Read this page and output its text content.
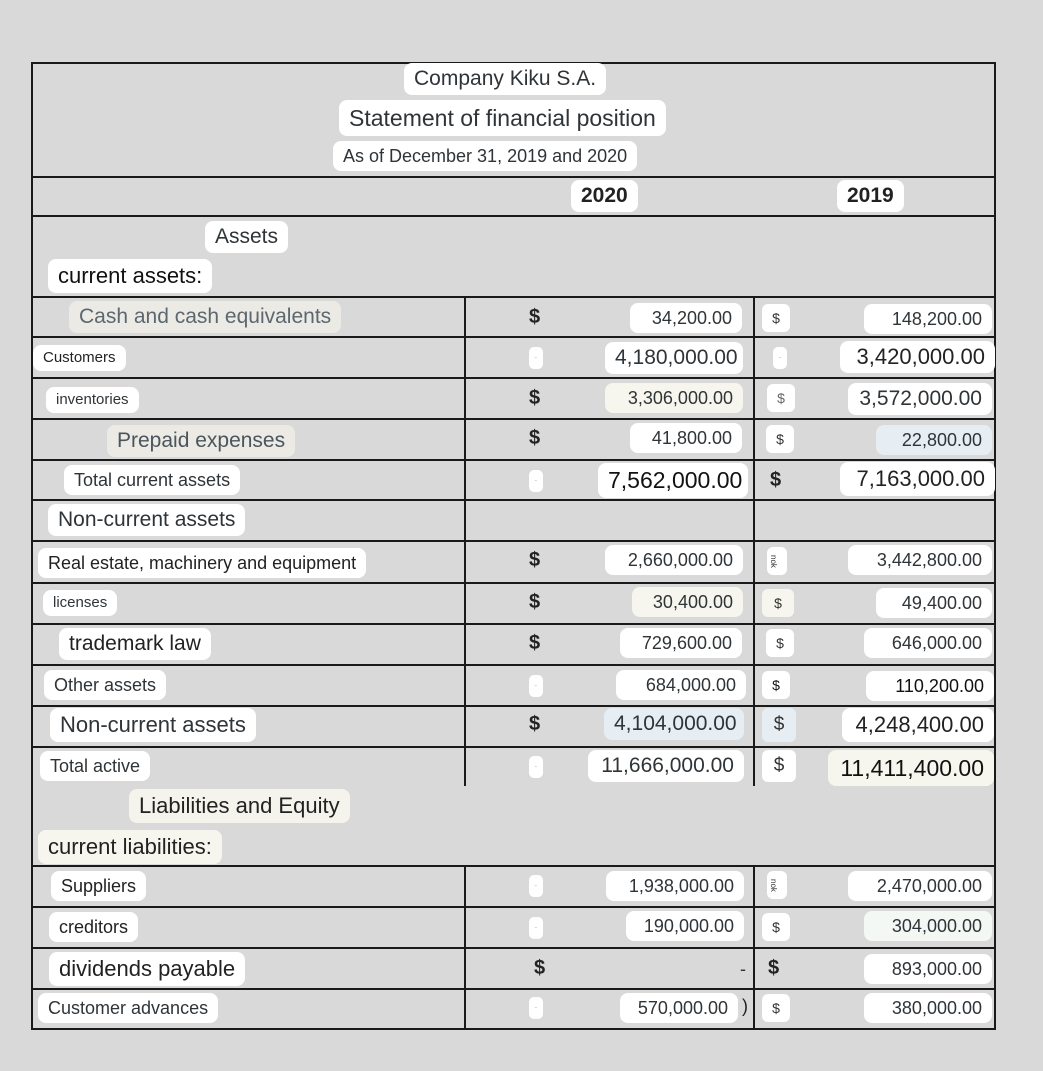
Company Kiku S.A.
Statement of financial position
As of December 31, 2019 and 2020
2020	2019
Assets
current assets:
Cash and cash equivalents	$	34,200.00	$	148,200.00
Customers	·	4,180,000.00	·	3,420,000.00
inventories	$	3,306,000.00	$	3,572,000.00
Prepaid expenses	$	41,800.00	$	22,800.00
Total current assets	·	7,562,000.00 $	7,163,000.00
Non-current assets
Real estate, machinery and equipment	$	2,660,000.00	nok	3,442,800.00
licenses	$	30,400.00	$	49,400.00
trademark law	$	729,600.00	$	646,000.00
Other assets	·	684,000.00	$	110,200.00
Non-current assets	$	4,104,000.00	$	4,248,400.00
Total active	·	11,666,000.00	$	11,411,400.00
Liabilities and Equity
current liabilities:
Suppliers	·	1,938,000.00	nok	2,470,000.00
creditors	·	190,000.00	$	304,000.00
dividends payable	$	- $	893,000.00
Customer advances	·	570,000.00 )	$	380,000.00
